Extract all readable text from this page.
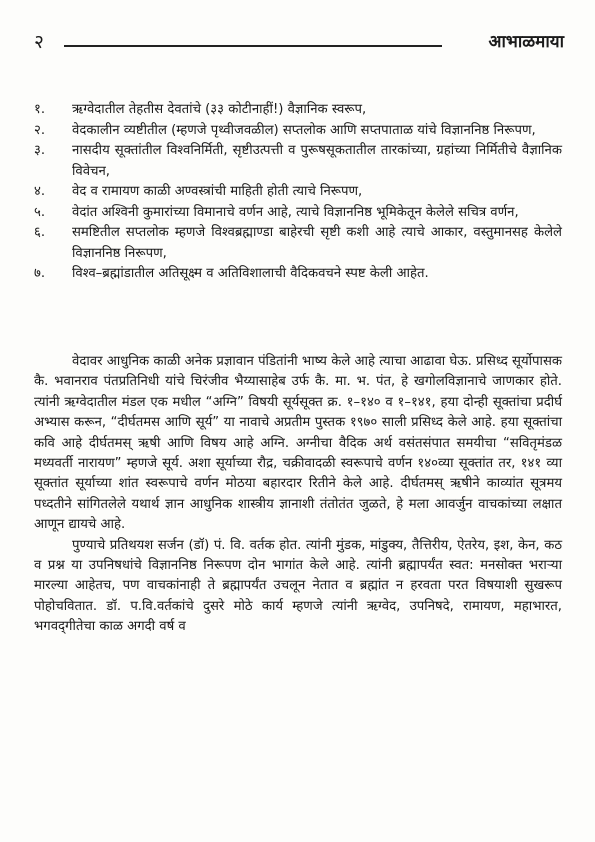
२	आभाळमाया
१.	ऋग्वेदातील तेहतीस देवतांचे (३३ कोटीनाहीं!) वैज्ञानिक स्वरूप,
२.	वेदकालीन व्यष्टीतील (म्हणजे पृथ्वीजवळील) सप्तलोक आणि सप्तपाताळ यांचे विज्ञाननिष्ठ निरूपण,
३.	नासदीय सूक्तांतील विश्वनिर्मिती, सृष्टीउत्पत्ती व पुरूषसूकतातील तारकांच्या, ग्रहांच्या निर्मितीचे वैज्ञानिक विवेचन,
४.	वेद व रामायण काळी अण्वस्त्रांची माहिती होती त्याचे निरूपण,
५.	वेदांत अश्विनी कुमारांच्या विमानाचे वर्णन आहे, त्याचे विज्ञाननिष्ठ भूमिकेतून केलेले सचित्र वर्णन,
६.	समष्टितील सप्तलोक म्हणजे विश्वब्रह्माण्डा बाहेरची सृष्टी कशी आहे त्याचे आकार, वस्तुमानसह केलेले विज्ञाननिष्ठ निरूपण,
७.	विश्व–ब्रह्मांडातील अतिसूक्ष्म व अतिविशालाची वैदिकवचने स्पष्ट केली आहेत.

वेदावर आधुनिक काळी अनेक प्रज्ञावान पंडितांनी भाष्य केले आहे त्याचा आढावा घेऊ. प्रसिध्द सूर्योपासक कै. भवानराव पंतप्रतिनिधी यांचे चिरंजीव भैय्यासाहेब उर्फ कै. मा. भ. पंत, हे खगोलविज्ञानाचे जाणकार होते. त्यांनी ऋग्वेदातील मंडल एक मधील “अग्नि” विषयी सूर्यसूक्त क्र. १–१४० व १–१४१, हया दोन्ही सूक्तांचा प्रदीर्घ अभ्यास करून, “दीर्घतमस आणि सूर्य” या नावाचे अप्रतीम पुस्तक १९७० साली प्रसिध्द केले आहे. हया सूक्तांचा कवि आहे दीर्घतमस् ऋषी आणि विषय आहे अग्नि. अग्नीचा वैदिक अर्थ वसंतसंपात समयीचा “सवितृमंडळ मध्यवर्ती नारायण” म्हणजे सूर्य. अशा सूर्याच्या रौद्र, चक्रीवादळी स्वरूपाचे वर्णन १४०व्या सूक्तांत तर, १४१ व्या सूक्तांत सूर्याच्या शांत स्वरूपाचे वर्णन मोठया बहारदार रितीने केले आहे. दीर्घतमस् ऋषीने काव्यांत सूत्रमय पध्दतीने सांगितलेले यथार्थ ज्ञान आधुनिक शास्त्रीय ज्ञानाशी तंतोतंत जुळते, हे मला आवर्जुन वाचकांच्या लक्षात आणून द्यायचे आहे.

पुण्याचे प्रतिथयश सर्जन (डॉ) पं. वि. वर्तक होत. त्यांनी मुंडक, मांडुक्य, तैत्तिरीय, ऐतरेय, इश, केन, कठ व प्रश्न या उपनिषधांचे विज्ञाननिष्ठ निरूपण दोन भागांत केले आहे. त्यांनी ब्रह्मापर्यंत स्वत: मनसोक्त भराऱ्या मारल्या आहेतच, पण वाचकांनाही ते ब्रह्मापर्यंत उचलून नेतात व ब्रह्मांत न हरवता परत विषयाशी सुखरूप पोहोचवितात. डॉ. प.वि.वर्तकांचे दुसरे मोठे कार्य म्हणजे त्यांनी ऋग्वेद, उपनिषदे, रामायण, महाभारत, भगवद्‌गीतेचा काळ अगदी वर्ष व
